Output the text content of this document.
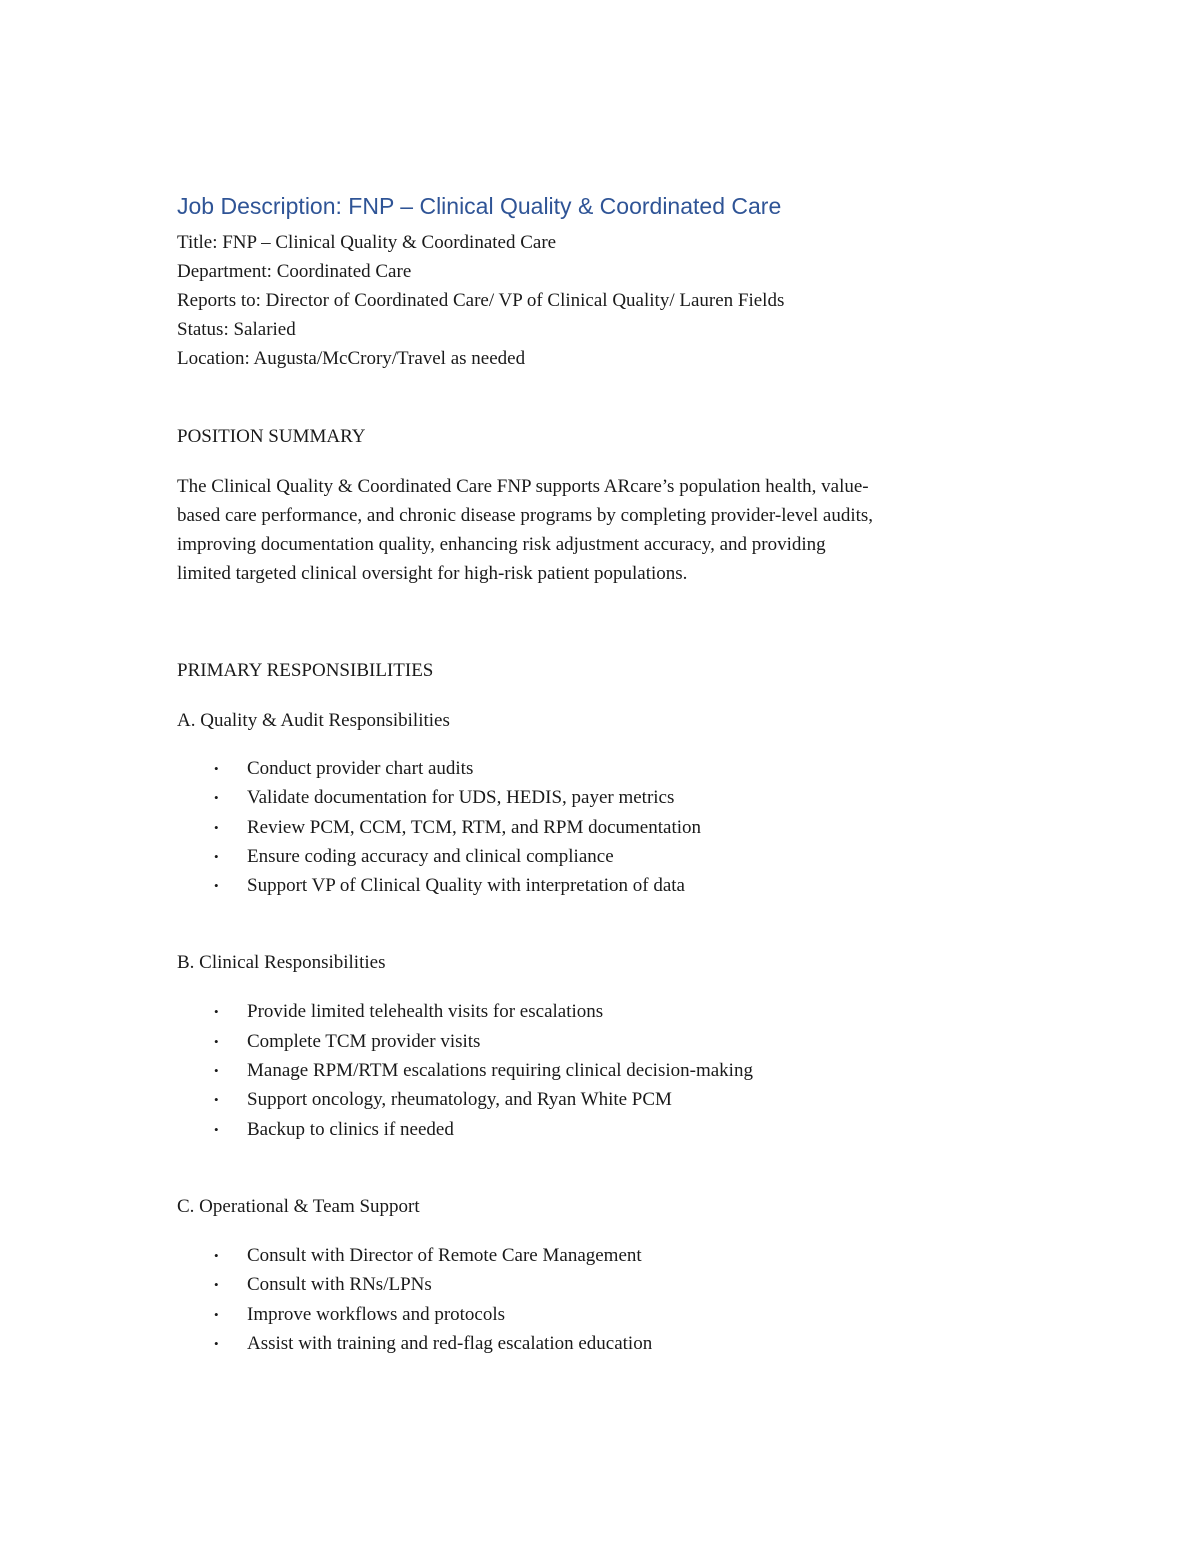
Job Description: FNP – Clinical Quality & Coordinated Care

Title: FNP – Clinical Quality & Coordinated Care

Department: Coordinated Care

Reports to: Director of Coordinated Care/ VP of Clinical Quality/ Lauren Fields

Status: Salaried

Location: Augusta/McCrory/Travel as needed

POSITION SUMMARY

The Clinical Quality & Coordinated Care FNP supports ARcare’s population health, value-

based care performance, and chronic disease programs by completing provider-level audits,

improving documentation quality, enhancing risk adjustment accuracy, and providing

limited targeted clinical oversight for high-risk patient populations.

PRIMARY RESPONSIBILITIES

A. Quality & Audit Responsibilities

• Conduct provider chart audits
• Validate documentation for UDS, HEDIS, payer metrics
• Review PCM, CCM, TCM, RTM, and RPM documentation
• Ensure coding accuracy and clinical compliance
• Support VP of Clinical Quality with interpretation of data

B. Clinical Responsibilities

• Provide limited telehealth visits for escalations
• Complete TCM provider visits
• Manage RPM/RTM escalations requiring clinical decision-making
• Support oncology, rheumatology, and Ryan White PCM
• Backup to clinics if needed

C. Operational & Team Support

• Consult with Director of Remote Care Management
• Consult with RNs/LPNs
• Improve workflows and protocols
• Assist with training and red-flag escalation education
